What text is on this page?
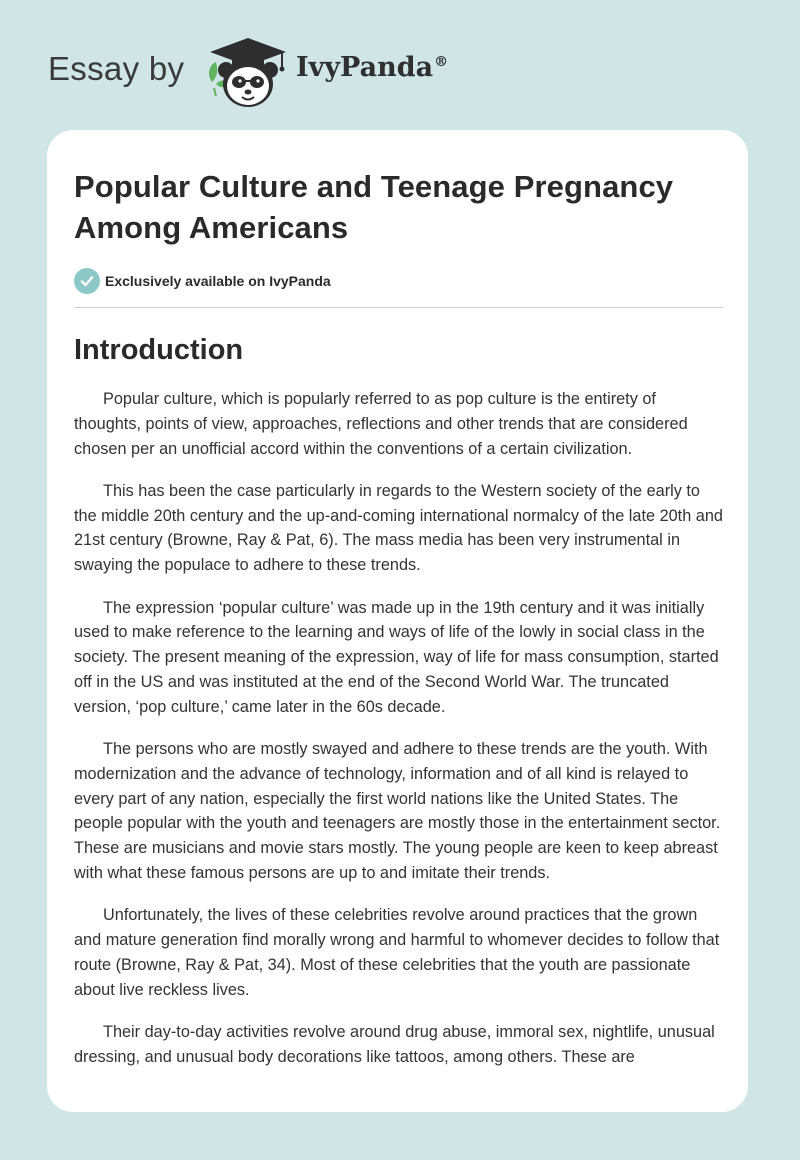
Essay by	IvyPanda®
Popular Culture and Teenage Pregnancy Among Americans
Exclusively available on IvyPanda
Introduction

Popular culture, which is popularly referred to as pop culture is the entirety of thoughts, points of view, approaches, reflections and other trends that are considered chosen per an unofficial accord within the conventions of a certain civilization.

This has been the case particularly in regards to the Western society of the early to the middle 20th century and the up-and-coming international normalcy of the late 20th and 21st century (Browne, Ray & Pat, 6). The mass media has been very instrumental in swaying the populace to adhere to these trends.

The expression ‘popular culture’ was made up in the 19th century and it was initially used to make reference to the learning and ways of life of the lowly in social class in the society. The present meaning of the expression, way of life for mass consumption, started off in the US and was instituted at the end of the Second World War. The truncated version, ‘pop culture,’ came later in the 60s decade.

The persons who are mostly swayed and adhere to these trends are the youth. With modernization and the advance of technology, information and of all kind is relayed to every part of any nation, especially the first world nations like the United States. The people popular with the youth and teenagers are mostly those in the entertainment sector. These are musicians and movie stars mostly. The young people are keen to keep abreast with what these famous persons are up to and imitate their trends.

Unfortunately, the lives of these celebrities revolve around practices that the grown and mature generation find morally wrong and harmful to whomever decides to follow that route (Browne, Ray & Pat, 34). Most of these celebrities that the youth are passionate about live reckless lives.

Their day-to-day activities revolve around drug abuse, immoral sex, nightlife, unusual dressing, and unusual body decorations like tattoos, among others. These are
